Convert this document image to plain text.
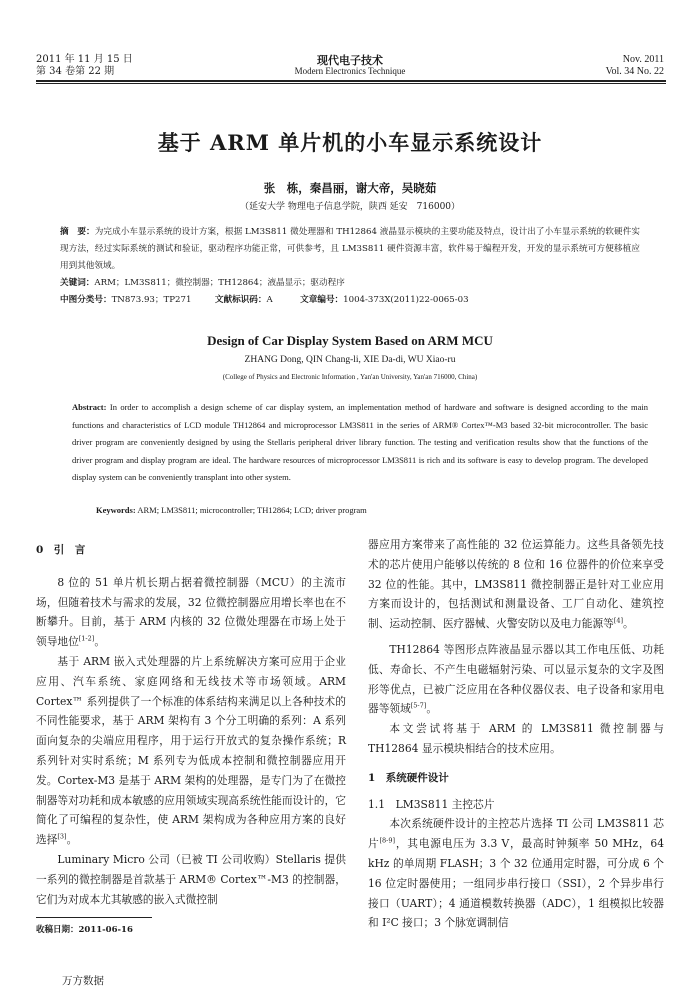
2011 年 11 月 15 日
第 34 卷第 22 期
现代电子技术
Modern Electronics Technique
Nov. 2011
Vol. 34 No. 22
基于 ARM 单片机的小车显示系统设计
张　栋，秦昌丽，谢大帝，吴晓茹
（延安大学 物理电子信息学院，陕西 延安　716000）
摘　要：为完成小车显示系统的设计方案，根据 LM3S811 微处理器和 TH12864 液晶显示模块的主要功能及特点，设计出了小车显示系统的软硬件实现方法，经过实际系统的测试和验证，驱动程序功能正常，可供参考，且 LM3S811 硬件资源丰富，软件易于编程开发，开发的显示系统可方便移植应用到其他领域。
关键词：ARM；LM3S811；微控制器；TH12864；液晶显示；驱动程序
中图分类号：TN873.93；TP271	文献标识码：A	文章编号：1004-373X(2011)22-0065-03
Design of Car Display System Based on ARM MCU
ZHANG Dong, QIN Chang-li, XIE Da-di, WU Xiao-ru
(College of Physics and Electronic Information , Yan'an University, Yan'an 716000, China)
Abstract: In order to accomplish a design scheme of car display system, an implementation method of hardware and software is designed according to the main functions and characteristics of LCD module TH12864 and microprocessor LM3S811 in the series of ARM® Cortex™-M3 based 32-bit microcontroller. The basic driver program are conveniently designed by using the Stellaris peripheral driver library function. The testing and verification results show that the functions of the driver program and display program are ideal. The hardware resources of microprocessor LM3S811 is rich and its software is easy to develop program. The developed display system can be conveniently transplant into other system.
Keywords: ARM; LM3S811; microcontroller; TH12864; LCD; driver program
0　引　言

8 位的 51 单片机长期占据着微控制器（MCU）的主流市场，但随着技术与需求的发展，32 位微控制器应用增长率也在不断攀升。目前，基于 ARM 内核的 32 位微处理器在市场上处于领导地位[1-2]。

基于 ARM 嵌入式处理器的片上系统解决方案可应用于企业应用、汽车系统、家庭网络和无线技术等市场领域。ARM Cortex™ 系列提供了一个标准的体系结构来满足以上各种技术的不同性能要求，基于 ARM 架构有 3 个分工明确的系列：A 系列面向复杂的尖端应用程序，用于运行开放式的复杂操作系统；R 系列针对实时系统；M 系列专为低成本控制和微控制器应用开发。Cortex-M3 是基于 ARM 架构的处理器，是专门为了在微控制器等对功耗和成本敏感的应用领域实现高系统性能而设计的，它简化了可编程的复杂性，使 ARM 架构成为各种应用方案的良好选择[3]。

Luminary Micro 公司（已被 TI 公司收购）Stellaris 提供一系列的微控制器是首款基于 ARM® Cortex™-M3 的控制器，它们为对成本尤其敏感的嵌入式微控制

收稿日期：2011-06-16

器应用方案带来了高性能的 32 位运算能力。这些具备领先技术的芯片使用户能够以传统的 8 位和 16 位器件的价位来享受 32 位的性能。其中，LM3S811 微控制器正是针对工业应用方案而设计的，包括测试和测量设备、工厂自动化、建筑控制、运动控制、医疗器械、火警安防以及电力能源等[4]。

TH12864 等图形点阵液晶显示器以其工作电压低、功耗低、寿命长、不产生电磁辐射污染、可以显示复杂的文字及图形等优点，已被广泛应用在各种仪器仪表、电子设备和家用电器等领域[5-7]。

本文尝试将基于 ARM 的 LM3S811 微控制器与 TH12864 显示模块相结合的技术应用。

1　系统硬件设计
1.1　LM3S811 主控芯片

本次系统硬件设计的主控芯片选择 TI 公司 LM3S811 芯片[8-9]，其电源电压为 3.3 V，最高时钟频率 50 MHz，64 kHz 的单周期 FLASH；3 个 32 位通用定时器，可分成 6 个 16 位定时器使用；一组同步串行接口（SSI），2 个异步串行接口（UART）；4 通道模数转换器（ADC），1 组模拟比较器和 I²C 接口；3 个脉宽调制信

万方数据
